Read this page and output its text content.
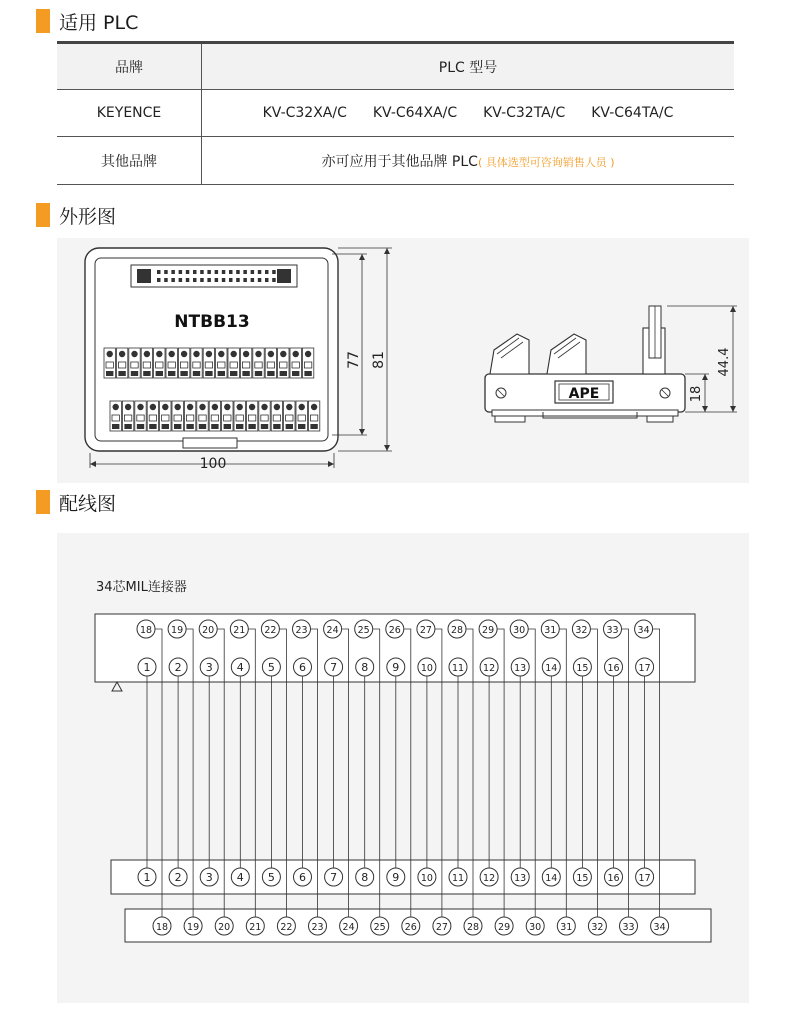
适用 PLC
品牌	PLC 型号
KEYENCE	KV-C32XA/C KV-C64XA/C KV-C32TA/C KV-C64TA/C
其他品牌	亦可应用于其他品牌 PLC( 具体选型可咨询销售人员 )
外形图
NTBB13
100
77 81
APE
44.4
18
配线图
34芯MIL连接器
18 19 20 21 22 23 24 25 26 27 28 29 30 31 32 33 34
1 2 3 4 5 6 7 8 9 10 11 12 13 14 15 16 17
1 2 3 4 5 6 7 8 9 10 11 12 13 14 15 16 17
18 19 20 21 22 23 24 25 26 27 28 29 30 31 32 33 34
